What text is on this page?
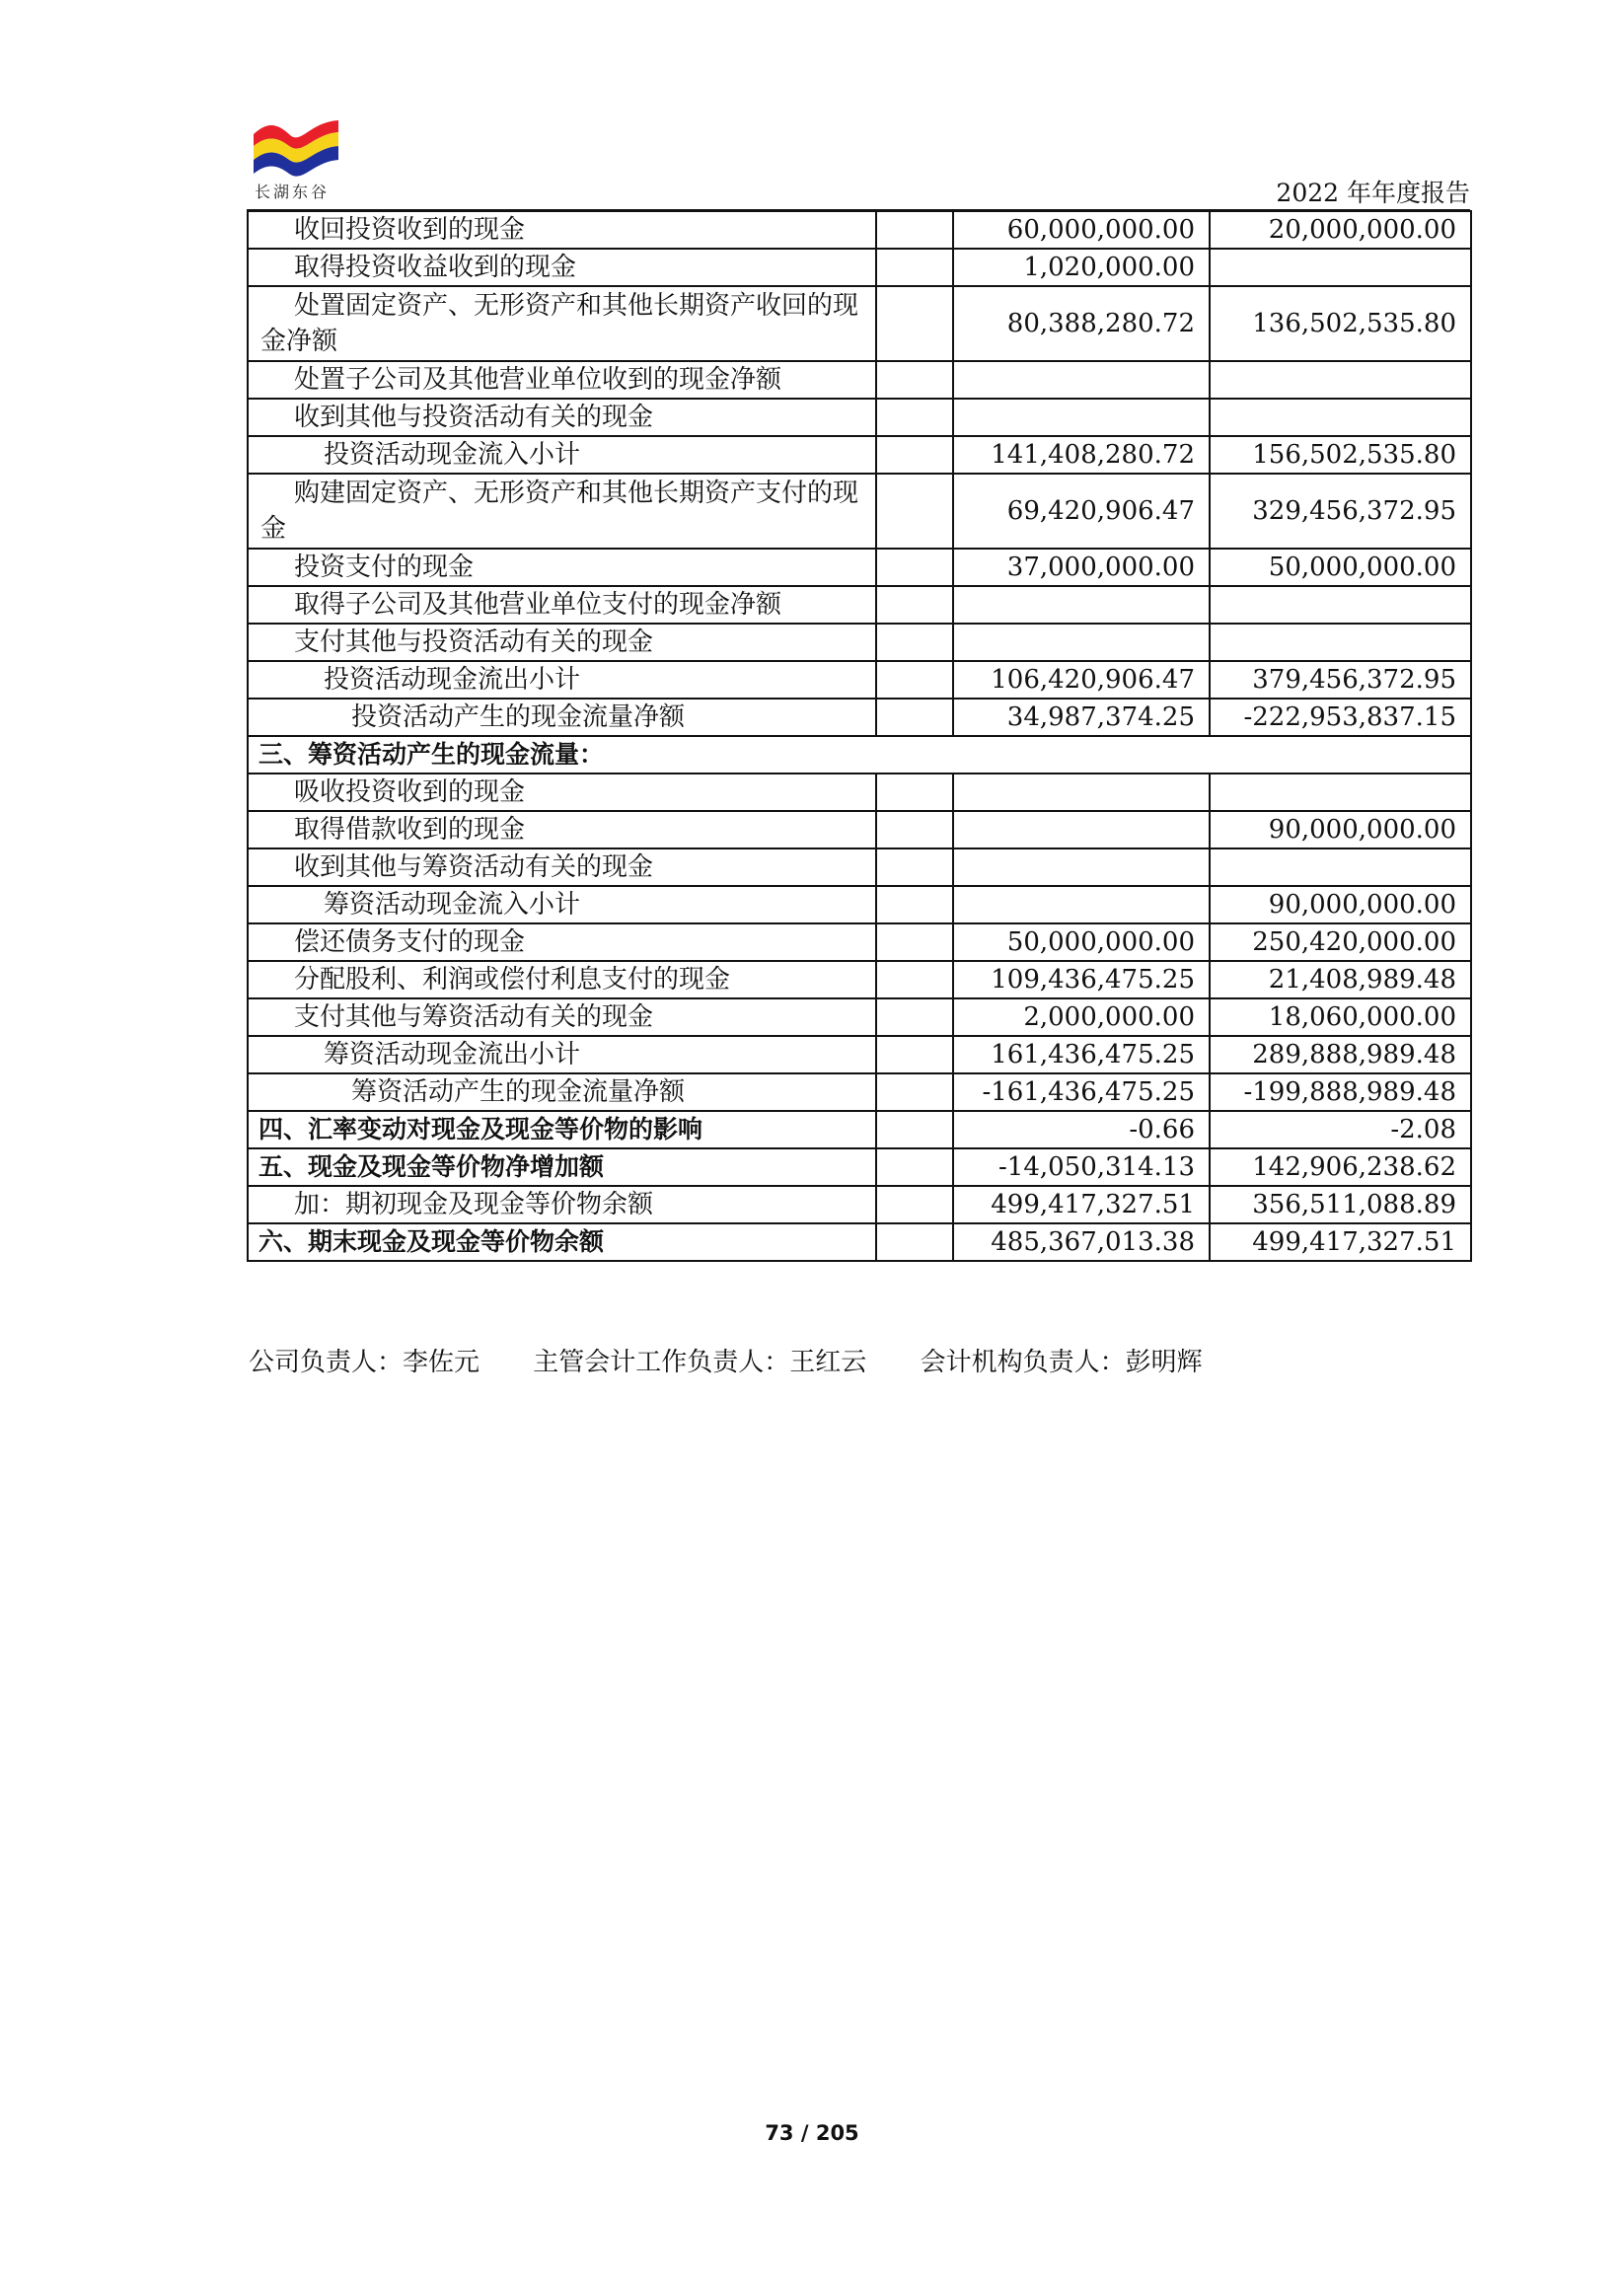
长湖东谷	2022 年年度报告
收回投资收到的现金		60,000,000.00	20,000,000.00
取得投资收益收到的现金		1,020,000.00	
处置固定资产、无形资产和其他长期资产收回的现金净额		80,388,280.72	136,502,535.80
处置子公司及其他营业单位收到的现金净额			
收到其他与投资活动有关的现金			
投资活动现金流入小计		141,408,280.72	156,502,535.80
购建固定资产、无形资产和其他长期资产支付的现金		69,420,906.47	329,456,372.95
投资支付的现金		37,000,000.00	50,000,000.00
取得子公司及其他营业单位支付的现金净额			
支付其他与投资活动有关的现金			
投资活动现金流出小计		106,420,906.47	379,456,372.95
投资活动产生的现金流量净额		34,987,374.25	-222,953,837.15
三、筹资活动产生的现金流量：			
吸收投资收到的现金			
取得借款收到的现金			90,000,000.00
收到其他与筹资活动有关的现金			
筹资活动现金流入小计			90,000,000.00
偿还债务支付的现金		50,000,000.00	250,420,000.00
分配股利、利润或偿付利息支付的现金		109,436,475.25	21,408,989.48
支付其他与筹资活动有关的现金		2,000,000.00	18,060,000.00
筹资活动现金流出小计		161,436,475.25	289,888,989.48
筹资活动产生的现金流量净额		-161,436,475.25	-199,888,989.48
四、汇率变动对现金及现金等价物的影响		-0.66	-2.08
五、现金及现金等价物净增加额		-14,050,314.13	142,906,238.62
加：期初现金及现金等价物余额		499,417,327.51	356,511,088.89
六、期末现金及现金等价物余额		485,367,013.38	499,417,327.51
公司负责人：李佐元 主管会计工作负责人：王红云 会计机构负责人：彭明辉
73 / 205
